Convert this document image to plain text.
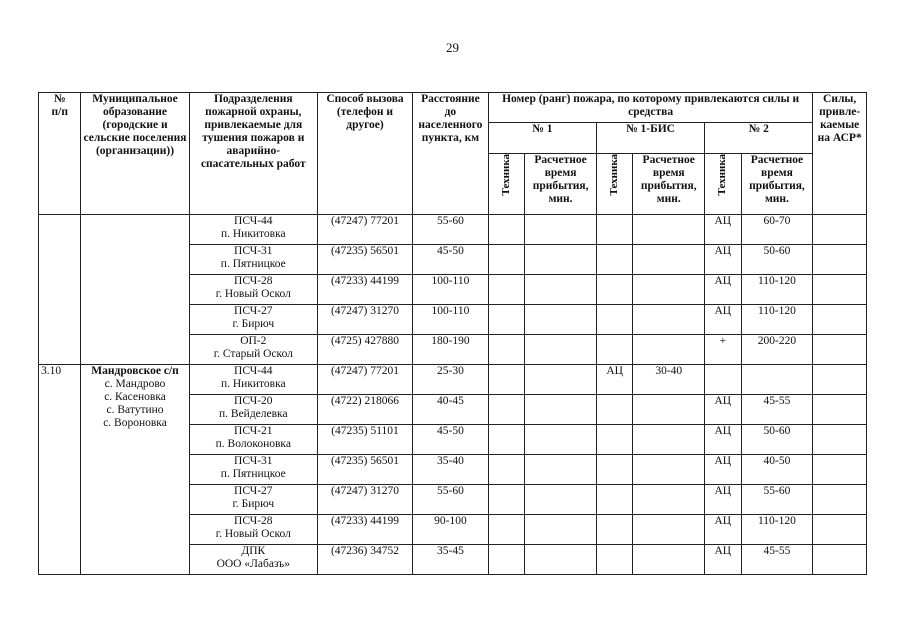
29
№
п/п	Муниципальное образование (городские и сельские поселения (организации))	Подразделения пожарной охраны, привлекаемые для тушения пожаров и аварийно-спасательных работ	Способ вызова (телефон и другое)	Расстояние до населенного пункта, км	Номер (ранг) пожара, по которому привлекаются силы и средства						Силы, привле-каемые на АСР*
					№ 1		№ 1-БИС		№ 2		
					Техника	Расчетное время прибытия, мин.	Техника	Расчетное время прибытия, мин.	Техника	Расчетное время прибытия, мин.	

		ПСЧ-44
п. Никитовка	(47247) 77201	55-60					АЦ	60-70	

		ПСЧ-31
п. Пятницкое	(47235) 56501	45-50					АЦ	50-60	

		ПСЧ-28
г. Новый Оскол	(47233) 44199	100-110					АЦ	110-120	

		ПСЧ-27
г. Бирюч	(47247) 31270	100-110					АЦ	110-120	

		ОП-2
г. Старый Оскол	(4725) 427880	180-190					+	200-220	
3.10	Мандровское с/п
с. Мандрово
с. Касеновка
с. Ватутино
с. Вороновка	ПСЧ-44
п. Никитовка	(47247) 77201	25-30			АЦ	30-40			

		ПСЧ-20
п. Вейделевка	(4722) 218066	40-45					АЦ	45-55	

		ПСЧ-21
п. Волоконовка	(47235) 51101	45-50					АЦ	50-60	

		ПСЧ-31
п. Пятницкое	(47235) 56501	35-40					АЦ	40-50	

		ПСЧ-27
г. Бирюч	(47247) 31270	55-60					АЦ	55-60	

		ПСЧ-28
г. Новый Оскол	(47233) 44199	90-100					АЦ	110-120	

		ДПК
ООО «Лабазъ»	(47236) 34752	35-45					АЦ	45-55	
